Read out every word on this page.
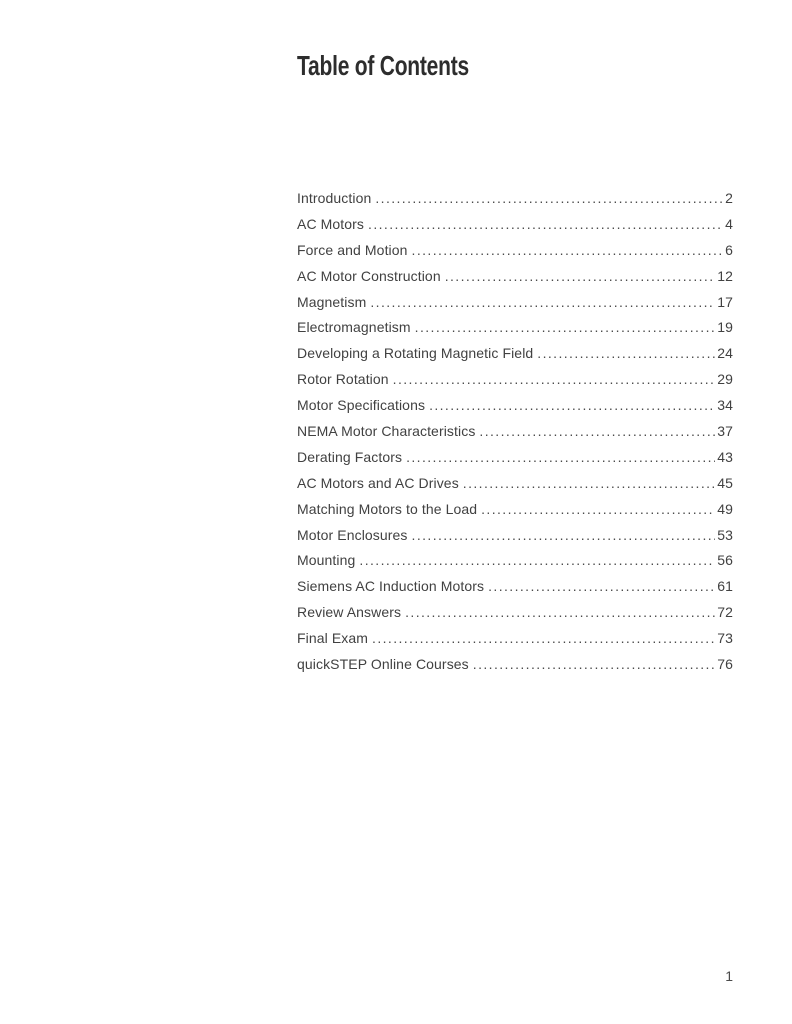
Table of Contents
Introduction .....	2
AC Motors .....	4
Force and Motion .....	6
AC Motor Construction .....	12
Magnetism .....	17
Electromagnetism .....	19
Developing a Rotating Magnetic Field .....	24
Rotor Rotation .....	29
Motor Specifications .....	34
NEMA Motor Characteristics .....	37
Derating Factors .....	43
AC Motors and AC Drives .....	45
Matching Motors to the Load .....	49
Motor Enclosures .....	53
Mounting .....	56
Siemens AC Induction Motors .....	61
Review Answers .....	72
Final Exam .....	73
quickSTEP Online Courses .....	76
1
